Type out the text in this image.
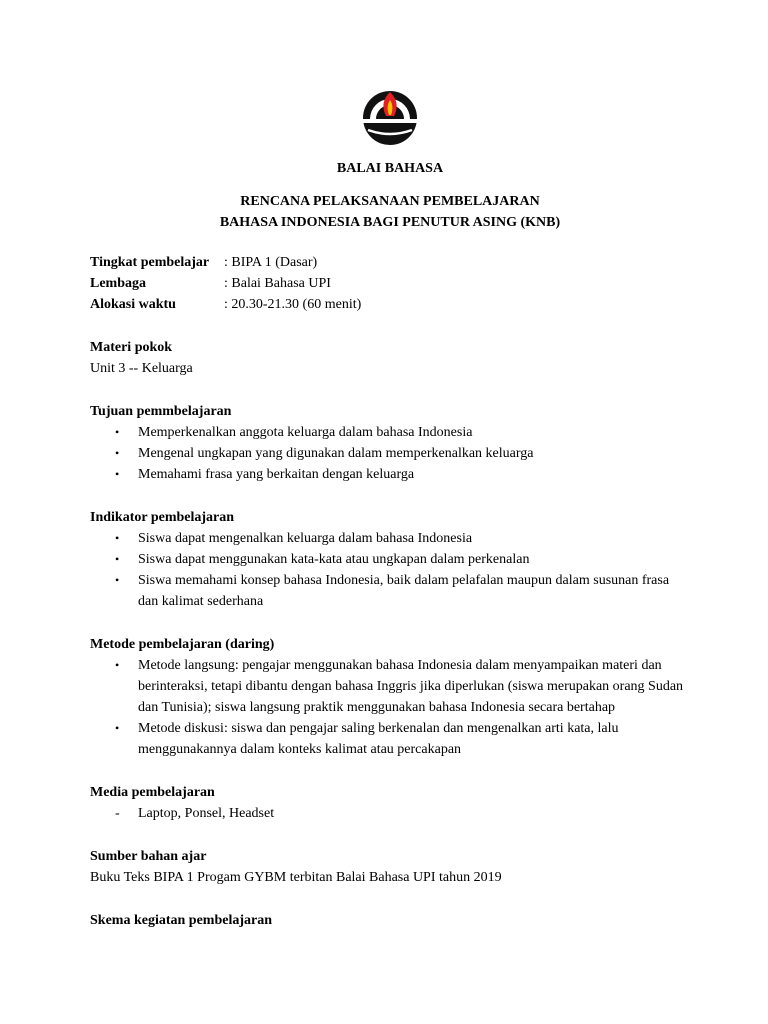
BALAI BAHASA
RENCANA PELAKSANAAN PEMBELAJARAN
BAHASA INDONESIA BAGI PENUTUR ASING (KNB)
Tingkat pembelajar	: BIPA 1 (Dasar)
Lembaga	: Balai Bahasa UPI
Alokasi waktu	: 20.30-21.30 (60 menit)
Materi pokok
Unit 3 -- Keluarga
Tujuan pemmbelajaran
•	Memperkenalkan anggota keluarga dalam bahasa Indonesia
•	Mengenal ungkapan yang digunakan dalam memperkenalkan keluarga
•	Memahami frasa yang berkaitan dengan keluarga
Indikator pembelajaran
•	Siswa dapat mengenalkan keluarga dalam bahasa Indonesia
•	Siswa dapat menggunakan kata-kata atau ungkapan dalam perkenalan
•	Siswa memahami konsep bahasa Indonesia, baik dalam pelafalan maupun dalam susunan frasa dan kalimat sederhana
Metode pembelajaran (daring)
•	Metode langsung: pengajar menggunakan bahasa Indonesia dalam menyampaikan materi dan berinteraksi, tetapi dibantu dengan bahasa Inggris jika diperlukan (siswa merupakan orang Sudan dan Tunisia); siswa langsung praktik menggunakan bahasa Indonesia secara bertahap
•	Metode diskusi: siswa dan pengajar saling berkenalan dan mengenalkan arti kata, lalu menggunakannya dalam konteks kalimat atau percakapan
Media pembelajaran
-	Laptop, Ponsel, Headset
Sumber bahan ajar
Buku Teks BIPA 1 Progam GYBM terbitan Balai Bahasa UPI tahun 2019
Skema kegiatan pembelajaran
